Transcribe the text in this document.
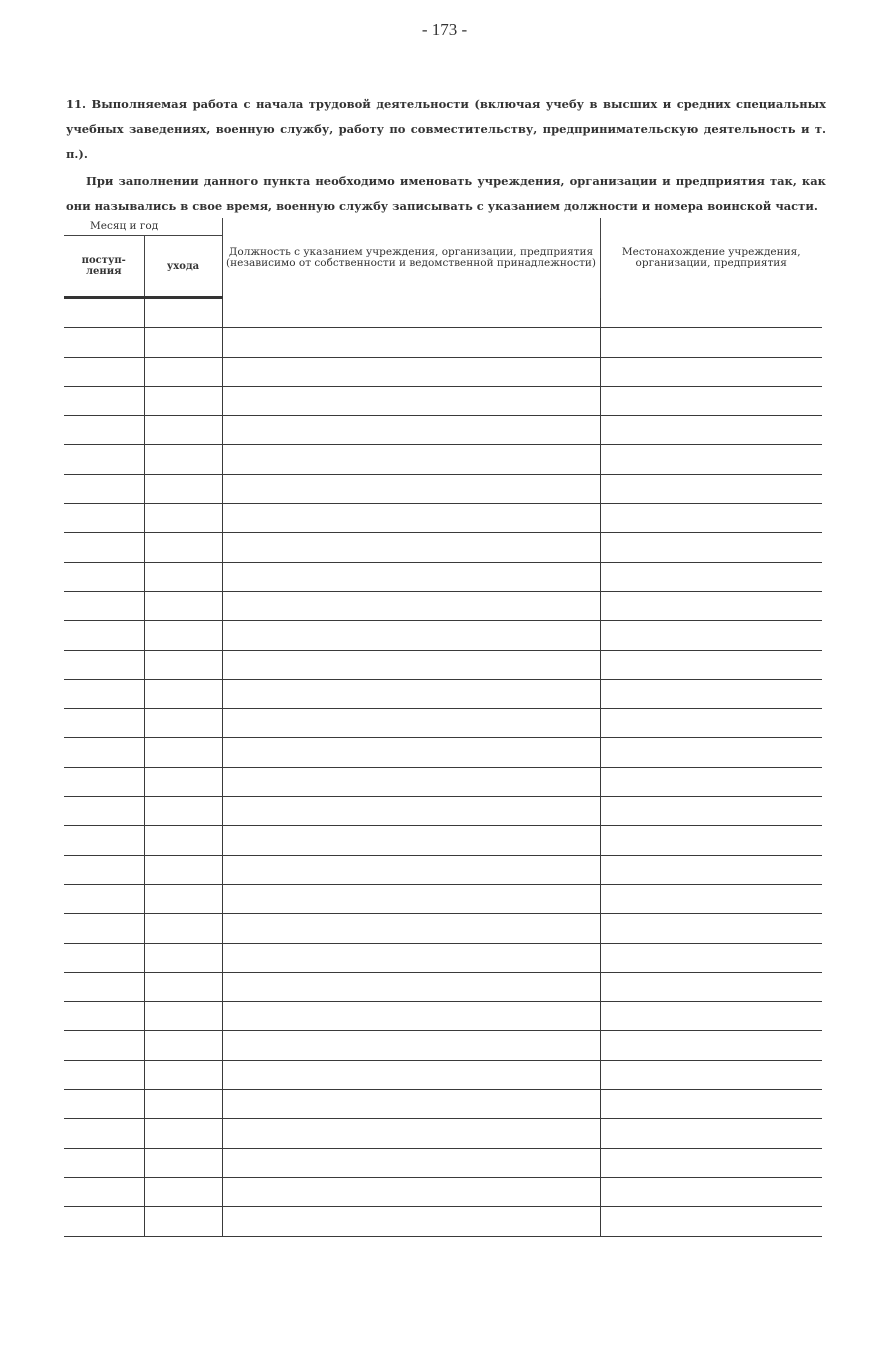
- 173 -

11. Выполняемая работа с начала трудовой деятельности (включая учебу в высших и средних специальных учебных заведениях, военную службу, работу по совместительству, предпринимательскую деятельность и т. п.).

При заполнении данного пункта необходимо именовать учреждения, организации и предприятия так, как они назывались в свое время, военную службу записывать с указанием должности и номера воинской части.

Месяц и год		Должность с указанием учреждения, организации, предприятия (независимо от собственности и ведомственной принадлежности)	Местонахождение учреждения, организации, предприятия
поступ-ления	ухода		
